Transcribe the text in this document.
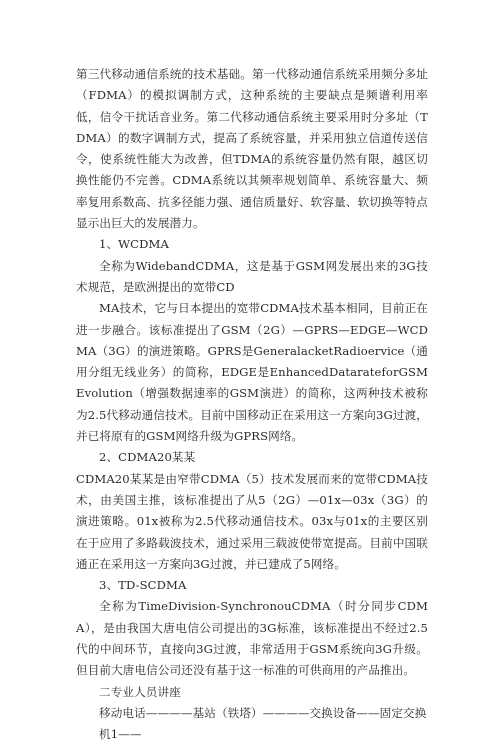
第三代移动通信系统的技术基础。第一代移动通信系统采用频分多址（FDMA）的模拟调制方式，这种系统的主要缺点是频谱利用率低，信令干扰话音业务。第二代移动通信系统主要采用时分多址（TDMA）的数字调制方式，提高了系统容量，并采用独立信道传送信令，使系统性能大为改善，但TDMA的系统容量仍然有限，越区切换性能仍不完善。CDMA系统以其频率规划简单、系统容量大、频率复用系数高、抗多径能力强、通信质量好、软容量、软切换等特点显示出巨大的发展潜力。

1、WCDMA

全称为WidebandCDMA，这是基于GSM网发展出来的3G技术规范，是欧洲提出的宽带CD

MA技术，它与日本提出的宽带CDMA技术基本相同，目前正在进一步融合。该标准提出了GSM（2G）—GPRS—EDGE—WCDMA（3G）的演进策略。GPRS是GeneralacketRadioervice（通用分组无线业务）的简称，EDGE是EnhancedDatarateforGSMEvolution（增强数据速率的GSM演进）的简称，这两种技术被称为2.5代移动通信技术。目前中国移动正在采用这一方案向3G过渡，并已将原有的GSM网络升级为GPRS网络。

2、CDMA20某某

CDMA20某某是由窄带CDMA（5）技术发展而来的宽带CDMA技术，由美国主推，该标准提出了从5（2G）—01x—03x（3G）的演进策略。01x被称为2.5代移动通信技术。03x与01x的主要区别在于应用了多路载波技术，通过采用三载波使带宽提高。目前中国联通正在采用这一方案向3G过渡，并已建成了5网络。

3、TD-SCDMA

全称为TimeDivision-SynchronouCDMA（时分同步CDMA），是由我国大唐电信公司提出的3G标准，该标准提出不经过2.5代的中间环节，直接向3G过渡，非常适用于GSM系统向3G升级。但目前大唐电信公司还没有基于这一标准的可供商用的产品推出。

二专业人员讲座

移动电话————基站（铁塔）————交换设备——固定交换机1——
